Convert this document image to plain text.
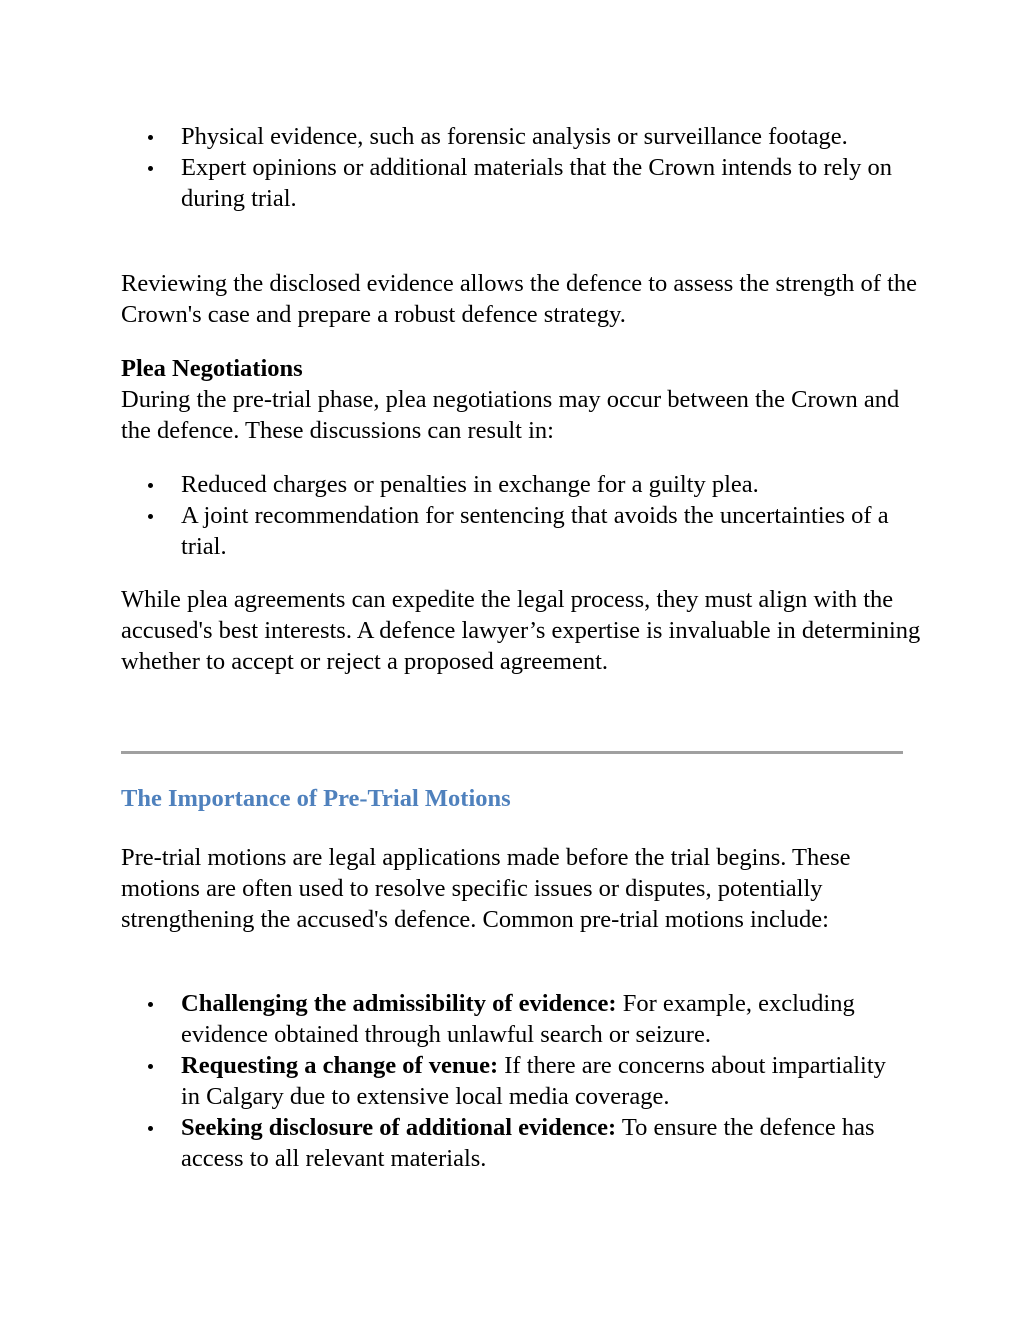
Physical evidence, such as forensic analysis or surveillance footage.
Expert opinions or additional materials that the Crown intends to rely on during trial.

Reviewing the disclosed evidence allows the defence to assess the strength of the Crown's case and prepare a robust defence strategy.

Plea Negotiations
During the pre-trial phase, plea negotiations may occur between the Crown and the defence. These discussions can result in:
Reduced charges or penalties in exchange for a guilty plea.
A joint recommendation for sentencing that avoids the uncertainties of a trial.

While plea agreements can expedite the legal process, they must align with the accused's best interests. A defence lawyer’s expertise is invaluable in determining whether to accept or reject a proposed agreement.

The Importance of Pre-Trial Motions

Pre-trial motions are legal applications made before the trial begins. These motions are often used to resolve specific issues or disputes, potentially strengthening the accused's defence. Common pre-trial motions include:

Challenging the admissibility of evidence: For example, excluding evidence obtained through unlawful search or seizure.
Requesting a change of venue: If there are concerns about impartiality in Calgary due to extensive local media coverage.
Seeking disclosure of additional evidence: To ensure the defence has access to all relevant materials.
